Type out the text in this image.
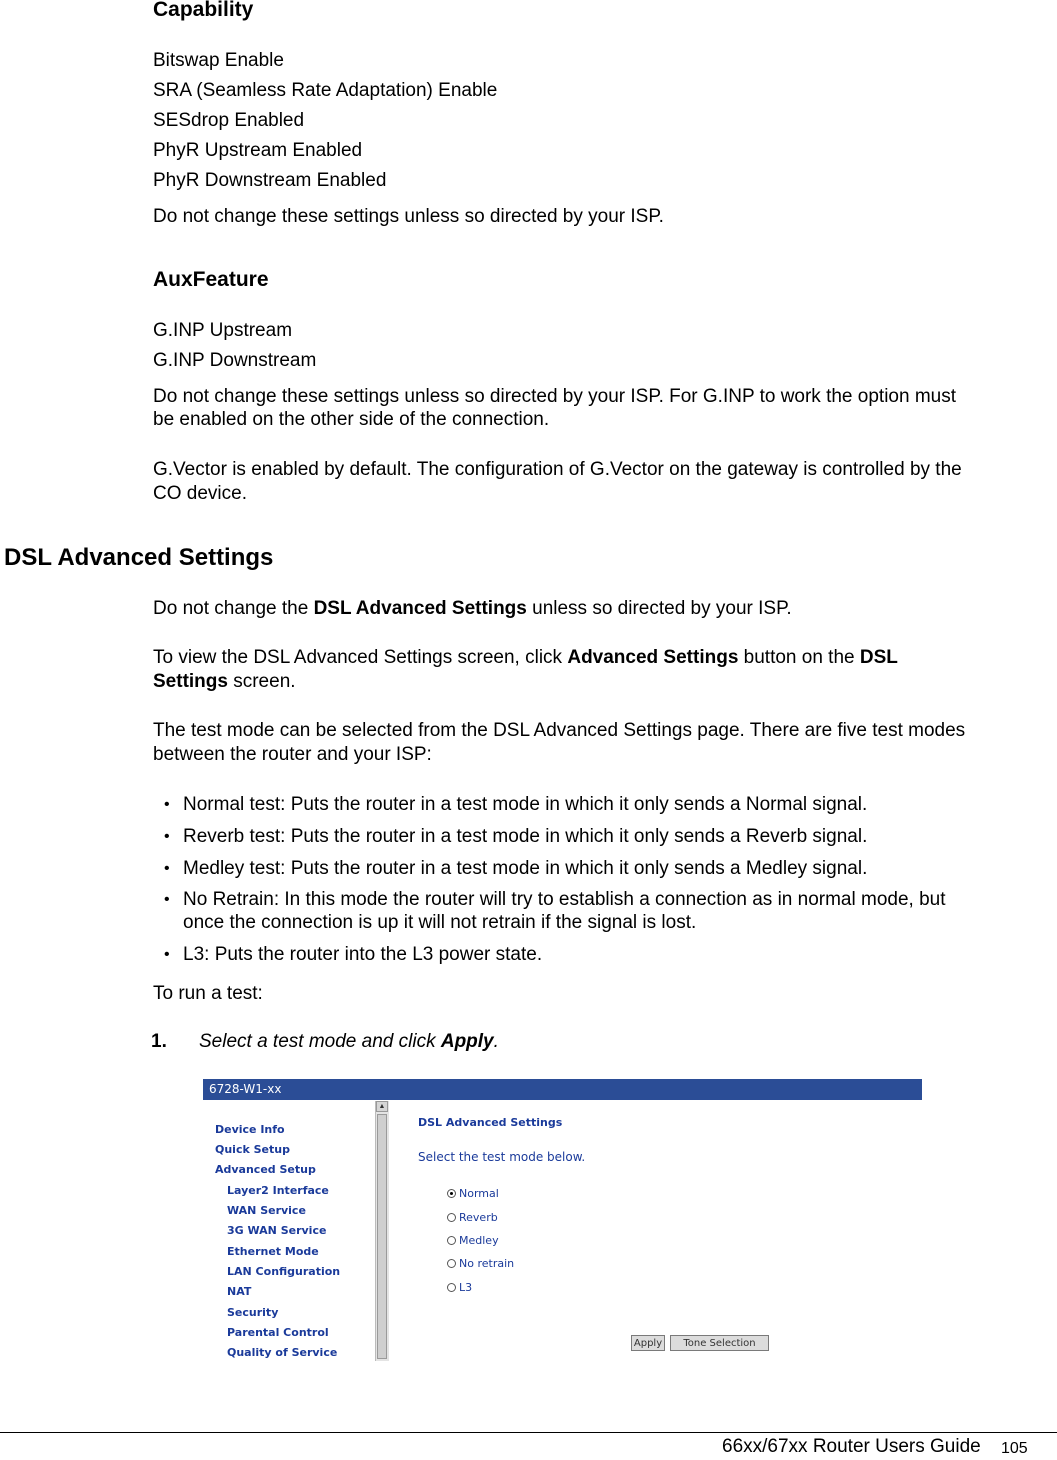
Capability
Bitswap Enable
SRA (Seamless Rate Adaptation) Enable
SESdrop Enabled
PhyR Upstream Enabled
PhyR Downstream Enabled
Do not change these settings unless so directed by your ISP.
AuxFeature
G.INP Upstream
G.INP Downstream
Do not change these settings unless so directed by your ISP. For G.INP to work the option must
be enabled on the other side of the connection.
G.Vector is enabled by default. The configuration of G.Vector on the gateway is controlled by the
CO device.
DSL Advanced Settings
Do not change the DSL Advanced Settings unless so directed by your ISP.
To view the DSL Advanced Settings screen, click Advanced Settings button on the DSL
Settings screen.
The test mode can be selected from the DSL Advanced Settings page. There are five test modes
between the router and your ISP:
• Normal test: Puts the router in a test mode in which it only sends a Normal signal.
• Reverb test: Puts the router in a test mode in which it only sends a Reverb signal.
• Medley test: Puts the router in a test mode in which it only sends a Medley signal.
• No Retrain: In this mode the router will try to establish a connection as in normal mode, but
once the connection is up it will not retrain if the signal is lost.
• L3: Puts the router into the L3 power state.
To run a test:
1. Select a test mode and click Apply.
6728-W1-xx
Device Info
Quick Setup
Advanced Setup
Layer2 Interface
WAN Service
3G WAN Service
Ethernet Mode
LAN Configuration
NAT
Security
Parental Control
Quality of Service
▲
DSL Advanced Settings
Select the test mode below.
Normal
Reverb
Medley
No retrain
L3
Apply	Tone Selection
66xx/67xx Router Users Guide 105
